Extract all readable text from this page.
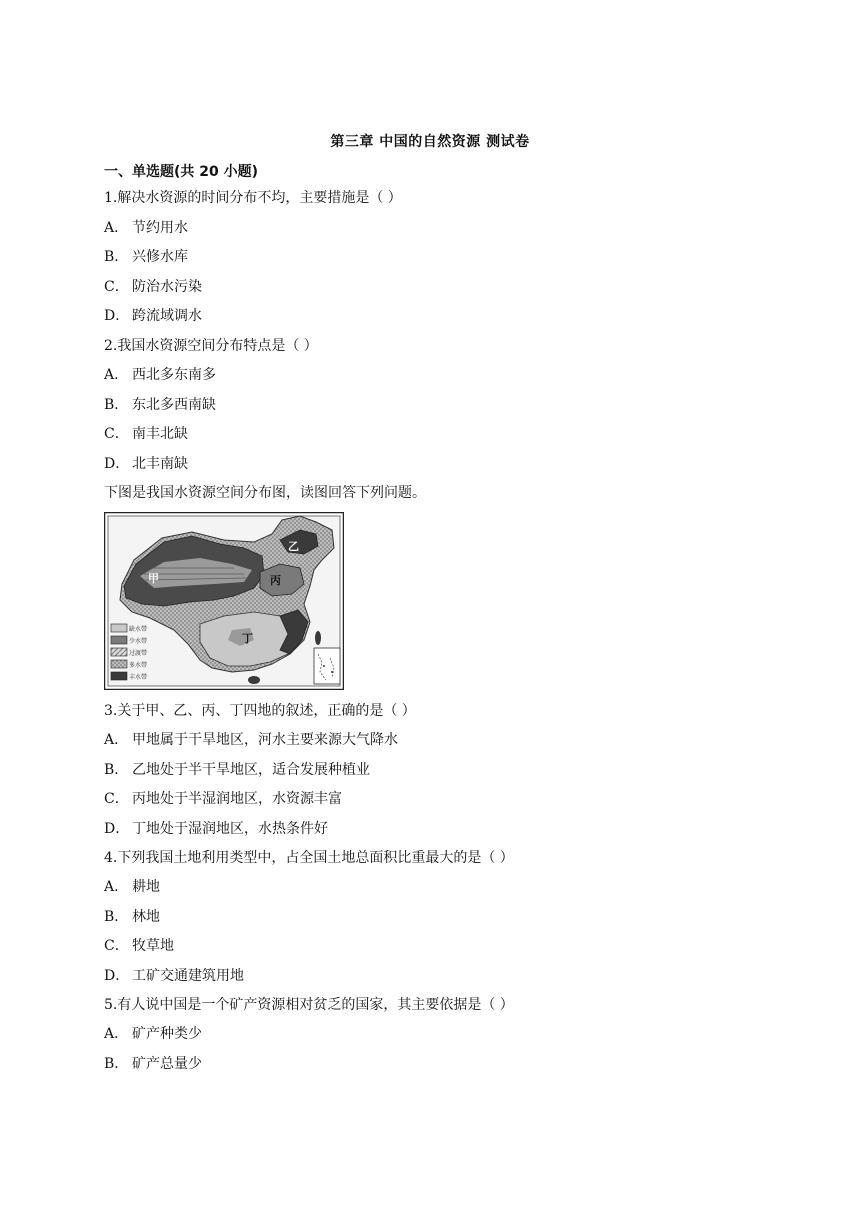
第三章 中国的自然资源 测试卷
一、单选题(共 20 小题)
1.解决水资源的时间分布不均，主要措施是（ ）
A． 节约用水
B． 兴修水库
C． 防治水污染
D． 跨流域调水
2.我国水资源空间分布特点是（ ）
A． 西北多东南多
B． 东北多西南缺
C． 南丰北缺
D． 北丰南缺
下图是我国水资源空间分布图，读图回答下列问题。
甲
乙
丙
丁
缺水带
少水带
过渡带
多水带
丰水带
3.关于甲、乙、丙、丁四地的叙述，正确的是（ ）
A． 甲地属于干旱地区，河水主要来源大气降水
B． 乙地处于半干旱地区，适合发展种植业
C． 丙地处于半湿润地区，水资源丰富
D． 丁地处于湿润地区，水热条件好
4.下列我国土地利用类型中，占全国土地总面积比重最大的是（ ）
A． 耕地
B． 林地
C． 牧草地
D． 工矿交通建筑用地
5.有人说中国是一个矿产资源相对贫乏的国家，其主要依据是（ ）
A． 矿产种类少
B． 矿产总量少
